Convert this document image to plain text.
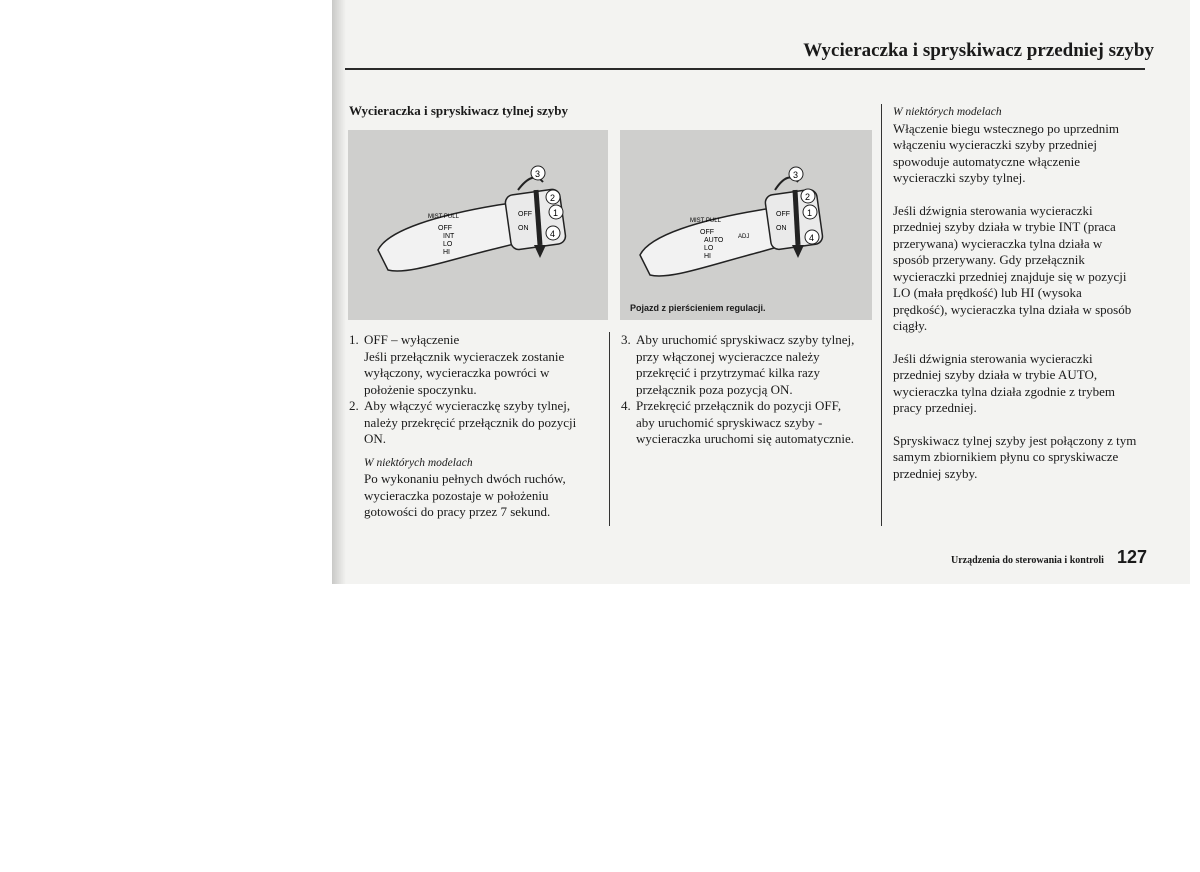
Wycieraczka i spryskiwacz przedniej szyby
Wycieraczka i spryskiwacz tylnej szyby
3
2
1
4
MIST PULL
OFF
INT
LO
HI
OFF
ON
3
2
1
4
MIST PULL
OFF
AUTO
LO
HI
ADJ
OFF
ON
Pojazd z pierścieniem regulacji.
1. OFF – wyłączenie
Jeśli przełącznik wycieraczek zostanie
wyłączony, wycieraczka powróci w
położenie spoczynku.
2. Aby włączyć wycieraczkę szyby tylnej,
należy przekręcić przełącznik do pozycji
ON.
W niektórych modelach
Po wykonaniu pełnych dwóch ruchów,
wycieraczka pozostaje w położeniu
gotowości do pracy przez 7 sekund.
3. Aby uruchomić spryskiwacz szyby tylnej,
przy włączonej wycieraczce należy
przekręcić i przytrzymać kilka razy
przełącznik poza pozycją ON.
4. Przekręcić przełącznik do pozycji OFF,
aby uruchomić spryskiwacz szyby -
wycieraczka uruchomi się automatycznie.
W niektórych modelach

Włączenie biegu wstecznego po uprzednim
włączeniu wycieraczki szyby przedniej
spowoduje automatyczne włączenie
wycieraczki szyby tylnej.

Jeśli dźwignia sterowania wycieraczki
przedniej szyby działa w trybie INT (praca
przerywana) wycieraczka tylna działa w
sposób przerywany. Gdy przełącznik
wycieraczki przedniej znajduje się w pozycji
LO (mała prędkość) lub HI (wysoka
prędkość), wycieraczka tylna działa w sposób
ciągły.

Jeśli dźwignia sterowania wycieraczki
przedniej szyby działa w trybie AUTO,
wycieraczka tylna działa zgodnie z trybem
pracy przedniej.

Spryskiwacz tylnej szyby jest połączony z tym
samym zbiornikiem płynu co spryskiwacze
przedniej szyby.

Urządzenia do sterowania i kontroli 127
